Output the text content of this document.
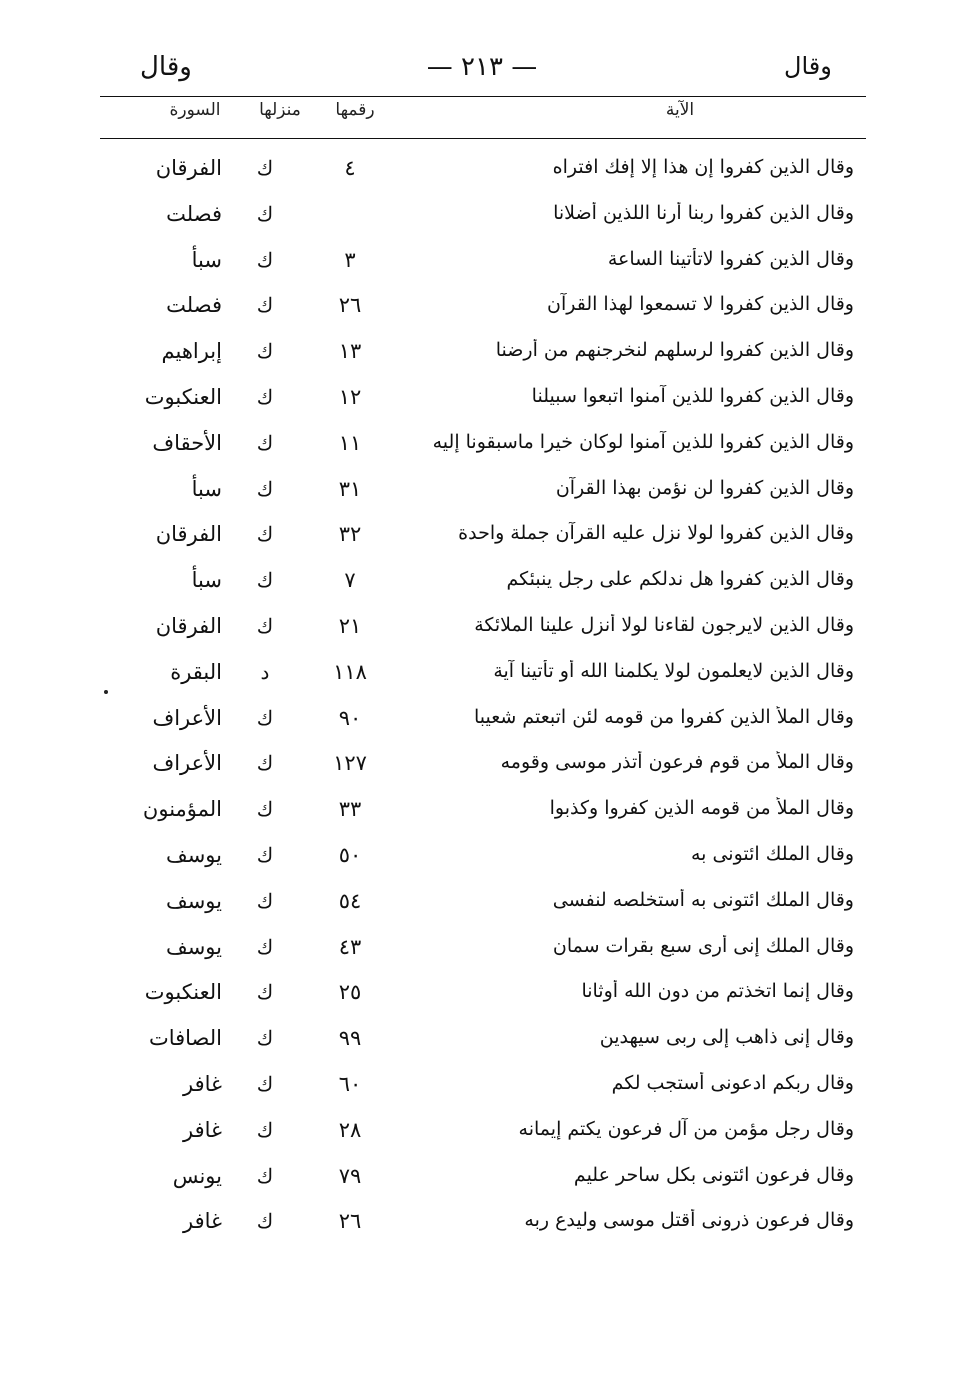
وقال	— ٢١٣ —	وقال
الآية
رقمها
منزلها
السورة
وقال الذين كفروا إن هذا إلا إفك افتراه
٤
ك
الفرقان
وقال الذين كفروا ربنا أرنا اللذين أضلانا
ك
فصلت
وقال الذين كفروا لاتأتينا الساعة
٣
ك
سبأ
وقال الذين كفروا لا تسمعوا لهذا القرآن
٢٦
ك
فصلت
وقال الذين كفروا لرسلهم لنخرجنهم من أرضنا
١٣
ك
إبراهيم
وقال الذين كفروا للذين آمنوا اتبعوا سبيلنا
١٢
ك
العنكبوت
وقال الذين كفروا للذين آمنوا لوكان خيرا ماسبقونا إليه
١١
ك
الأحقاف
وقال الذين كفروا لن نؤمن بهذا القرآن
٣١
ك
سبأ
وقال الذين كفروا لولا نزل عليه القرآن جملة واحدة
٣٢
ك
الفرقان
وقال الذين كفروا هل ندلكم على رجل ينبئكم
٧
ك
سبأ
وقال الذين لايرجون لقاءنا لولا أنزل علينا الملائكة
٢١
ك
الفرقان
وقال الذين لايعلمون لولا يكلمنا الله أو تأتينا آية
١١٨
د
البقرة
وقال الملأ الذين كفروا من قومه لئن اتبعتم شعيبا
٩٠
ك
الأعراف
وقال الملأ من قوم فرعون أتذر موسى وقومه
١٢٧
ك
الأعراف
وقال الملأ من قومه الذين كفروا وكذبوا
٣٣
ك
المؤمنون
وقال الملك ائتونى به
٥٠
ك
يوسف
وقال الملك ائتونى به أستخلصه لنفسى
٥٤
ك
يوسف
وقال الملك إنى أرى سبع بقرات سمان
٤٣
ك
يوسف
وقال إنما اتخذتم من دون الله أوثانا
٢٥
ك
العنكبوت
وقال إنى ذاهب إلى ربى سيهدين
٩٩
ك
الصافات
وقال ربكم ادعونى أستجب لكم
٦٠
ك
غافر
وقال رجل مؤمن من آل فرعون يكتم إيمانه
٢٨
ك
غافر
وقال فرعون ائتونى بكل ساحر عليم
٧٩
ك
يونس
وقال فرعون ذرونى أقتل موسى وليدع ربه
٢٦
ك
غافر
